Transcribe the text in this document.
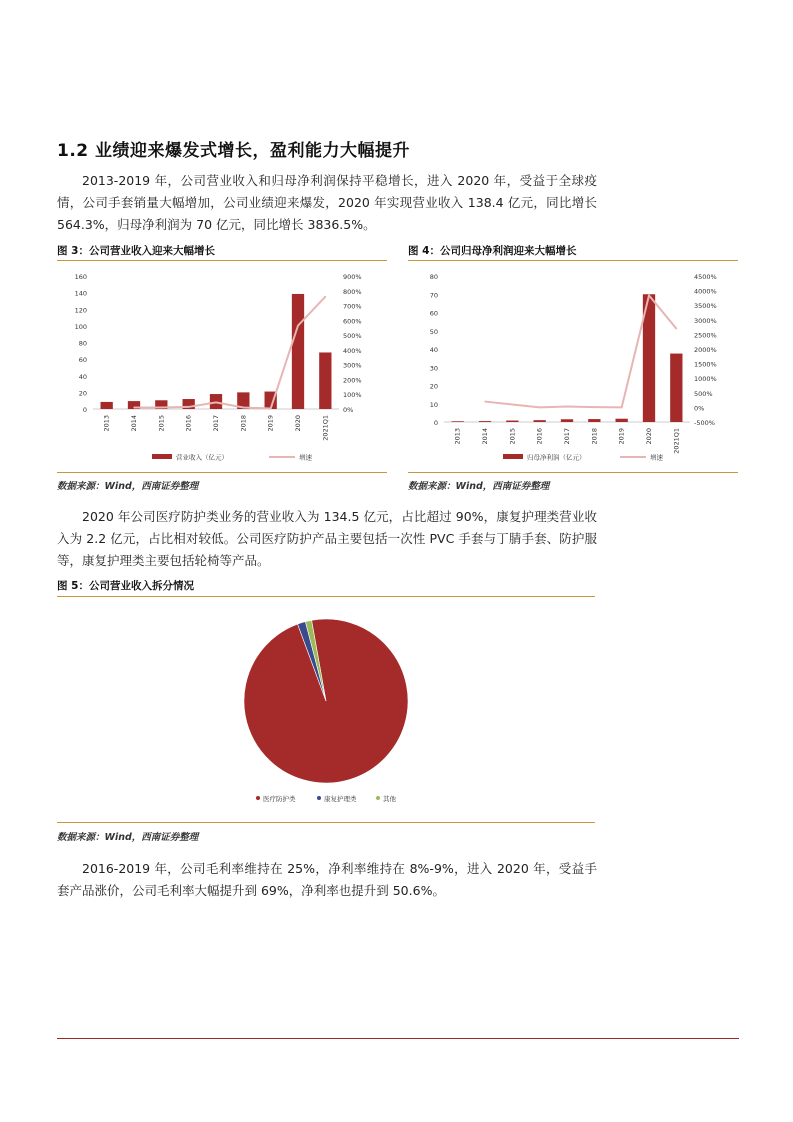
1.2 业绩迎来爆发式增长，盈利能力大幅提升

2013-2019 年，公司营业收入和归母净利润保持平稳增长，进入 2020 年，受益于全球疫情，公司手套销量大幅增加，公司业绩迎来爆发，2020 年实现营业收入 138.4 亿元，同比增长 564.3%，归母净利润为 70 亿元，同比增长 3836.5%。

图 3：公司营业收入迎来大幅增长
0
20
40
60
80
100
120
140
160
0%
100%
200%
300%
400%
500%
600%
700%
800%
900%
2013	2014	2015	2016	2017	2018	2019	2020	2021Q1
营业收入（亿元）	增速
数据来源：Wind，西南证券整理
图 4：公司归母净利润迎来大幅增长
0
10
20
30
40
50
60
70
80
-500%
0%
500%
1000%
1500%
2000%
2500%
3000%
3500%
4000%
4500%
2013	2014	2015	2016	2017	2018	2019	2020	2021Q1
归母净利润（亿元）	增速
数据来源：Wind，西南证券整理

2020 年公司医疗防护类业务的营业收入为 134.5 亿元，占比超过 90%，康复护理类营业收入为 2.2 亿元，占比相对较低。公司医疗防护产品主要包括一次性 PVC 手套与丁腈手套、防护服等，康复护理类主要包括轮椅等产品。

图 5：公司营业收入拆分情况
医疗防护类	康复护理类	其他
数据来源：Wind，西南证券整理

2016-2019 年，公司毛利率维持在 25%，净利率维持在 8%-9%，进入 2020 年，受益手套产品涨价，公司毛利率大幅提升到 69%，净利率也提升到 50.6%。
